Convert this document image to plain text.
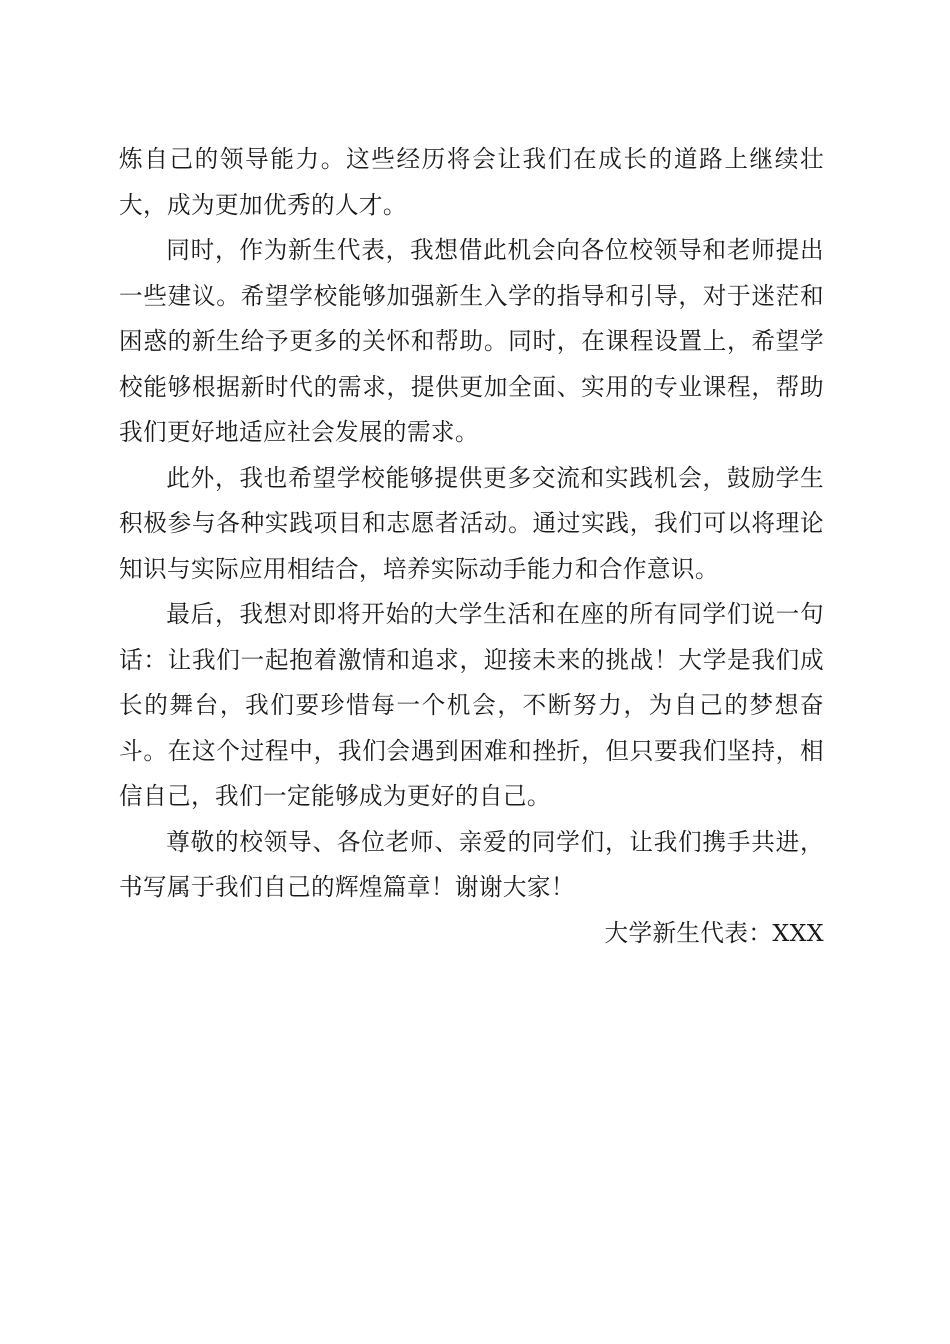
炼自己的领导能力。这些经历将会让我们在成长的道路上继续壮大，成为更加优秀的人才。

同时，作为新生代表，我想借此机会向各位校领导和老师提出一些建议。希望学校能够加强新生入学的指导和引导，对于迷茫和困惑的新生给予更多的关怀和帮助。同时，在课程设置上，希望学校能够根据新时代的需求，提供更加全面、实用的专业课程，帮助我们更好地适应社会发展的需求。

此外，我也希望学校能够提供更多交流和实践机会，鼓励学生积极参与各种实践项目和志愿者活动。通过实践，我们可以将理论知识与实际应用相结合，培养实际动手能力和合作意识。

最后，我想对即将开始的大学生活和在座的所有同学们说一句话：让我们一起抱着激情和追求，迎接未来的挑战！大学是我们成长的舞台，我们要珍惜每一个机会，不断努力，为自己的梦想奋斗。在这个过程中，我们会遇到困难和挫折，但只要我们坚持，相信自己，我们一定能够成为更好的自己。

尊敬的校领导、各位老师、亲爱的同学们，让我们携手共进，书写属于我们自己的辉煌篇章！谢谢大家！

大学新生代表：XXX
